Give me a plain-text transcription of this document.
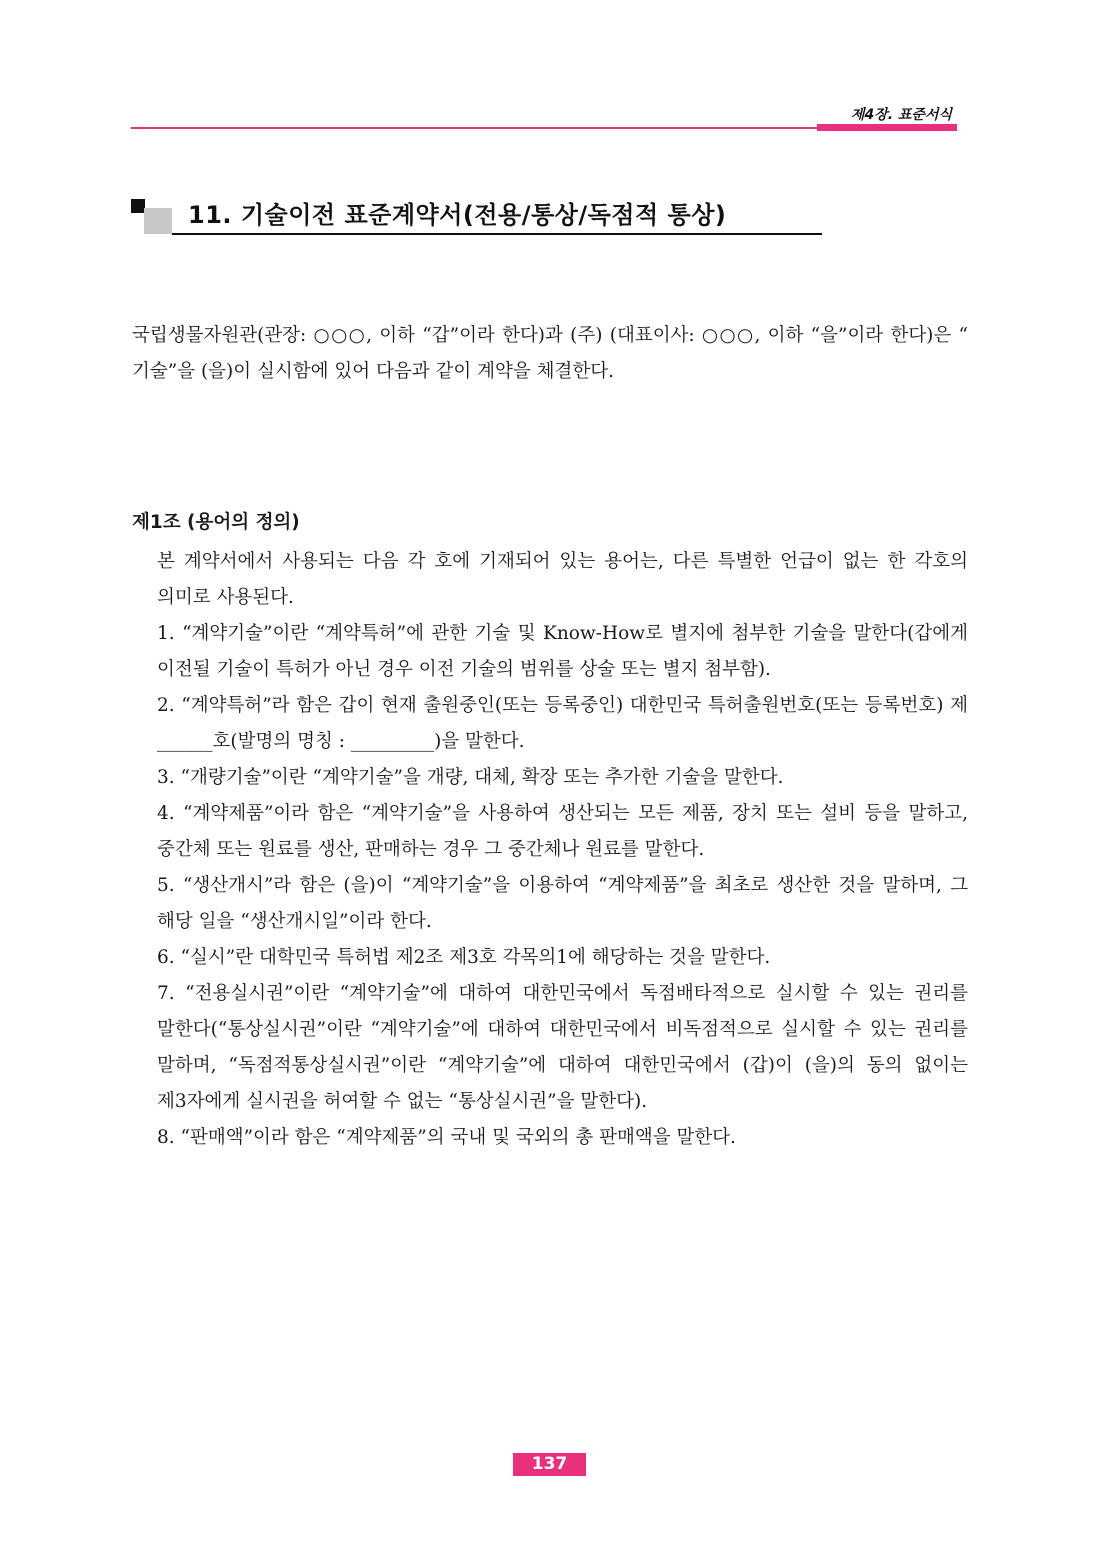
제4장. 표준서식
11. 기술이전 표준계약서(전용/통상/독점적 통상)

국립생물자원관(관장: ○○○, 이하 “갑”이라 한다)과 (주) (대표이사: ○○○, 이하 “을”이라 한다)은 “ 기술”을 (을)이 실시함에 있어 다음과 같이 계약을 체결한다.

제1조 (용어의 정의)

본 계약서에서 사용되는 다음 각 호에 기재되어 있는 용어는, 다른 특별한 언급이 없는 한 각호의 의미로 사용된다.

1. “계약기술”이란 “계약특허”에 관한 기술 및 Know-How로 별지에 첨부한 기술을 말한다(갑에게 이전될 기술이 특허가 아닌 경우 이전 기술의 범위를 상술 또는 별지 첨부함).

2. “계약특허”라 함은 갑이 현재 출원중인(또는 등록중인) 대한민국 특허출원번호(또는 등록번호) 제______호(발명의 명칭 : _________)을 말한다.

3. “개량기술”이란 “계약기술”을 개량, 대체, 확장 또는 추가한 기술을 말한다.

4. “계약제품”이라 함은 “계약기술”을 사용하여 생산되는 모든 제품, 장치 또는 설비 등을 말하고, 중간체 또는 원료를 생산, 판매하는 경우 그 중간체나 원료를 말한다.

5. “생산개시”라 함은 (을)이 “계약기술”을 이용하여 “계약제품”을 최초로 생산한 것을 말하며, 그 해당 일을 “생산개시일”이라 한다.

6. “실시”란 대학민국 특허법 제2조 제3호 각목의1에 해당하는 것을 말한다.

7. “전용실시권”이란 “계약기술”에 대하여 대한민국에서 독점배타적으로 실시할 수 있는 권리를 말한다(“통상실시권”이란 “계약기술”에 대하여 대한민국에서 비독점적으로 실시할 수 있는 권리를 말하며, “독점적통상실시권”이란 “계약기술”에 대하여 대한민국에서 (갑)이 (을)의 동의 없이는 제3자에게 실시권을 허여할 수 없는 “통상실시권”을 말한다).

8. “판매액”이라 함은 “계약제품”의 국내 및 국외의 총 판매액을 말한다.

137
